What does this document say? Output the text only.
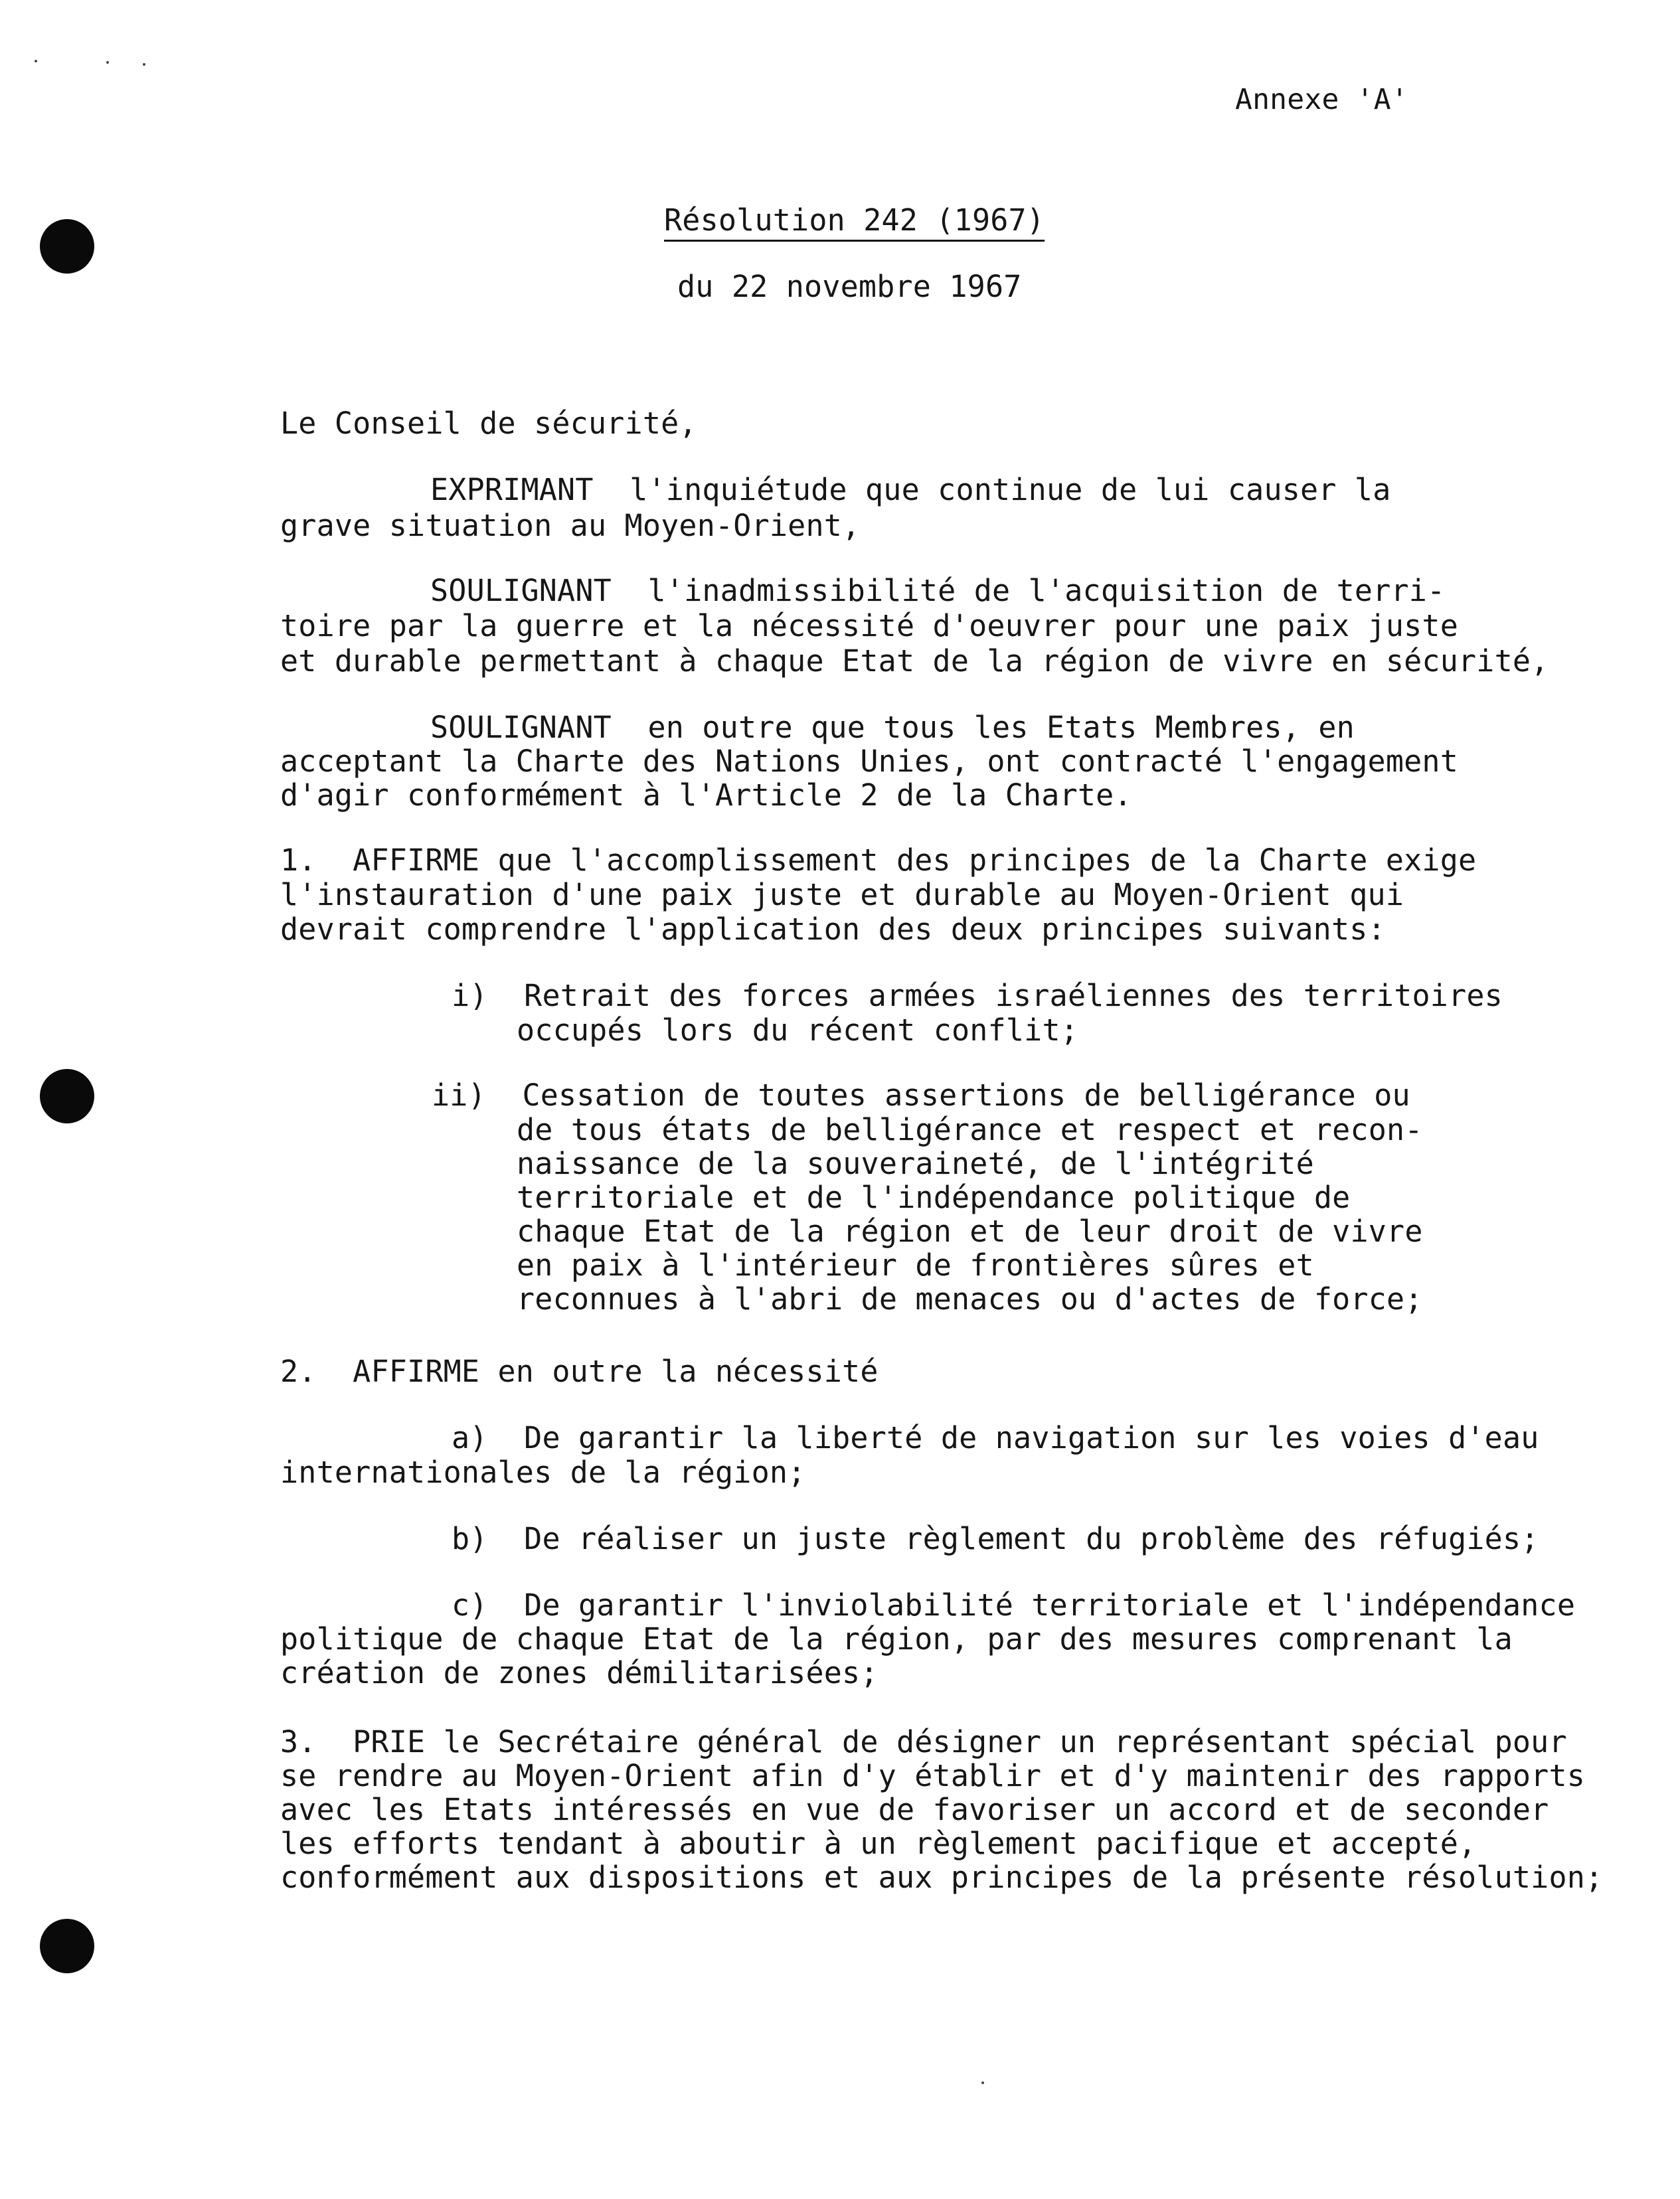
Annexe 'A'
Résolution 242 (1967)
du 22 novembre 1967
Le Conseil de sécurité,
EXPRIMANT  l'inquiétude que continue de lui causer la
grave situation au Moyen-Orient,
SOULIGNANT  l'inadmissibilité de l'acquisition de terri-
toire par la guerre et la nécessité d'oeuvrer pour une paix juste
et durable permettant à chaque Etat de la région de vivre en sécurité,
SOULIGNANT  en outre que tous les Etats Membres, en
acceptant la Charte des Nations Unies, ont contracté l'engagement
d'agir conformément à l'Article 2 de la Charte.
1.  AFFIRME que l'accomplissement des principes de la Charte exige
l'instauration d'une paix juste et durable au Moyen-Orient qui
devrait comprendre l'application des deux principes suivants:
i)  Retrait des forces armées israéliennes des territoires
occupés lors du récent conflit;
ii)  Cessation de toutes assertions de belligérance ou
de tous états de belligérance et respect et recon-
naissance de la souveraineté, de l'intégrité
territoriale et de l'indépendance politique de
chaque Etat de la région et de leur droit de vivre
en paix à l'intérieur de frontières sûres et
reconnues à l'abri de menaces ou d'actes de force;
2.  AFFIRME en outre la nécessité
a)  De garantir la liberté de navigation sur les voies d'eau
internationales de la région;
b)  De réaliser un juste règlement du problème des réfugiés;
c)  De garantir l'inviolabilité territoriale et l'indépendance
politique de chaque Etat de la région, par des mesures comprenant la
création de zones démilitarisées;
3.  PRIE le Secrétaire général de désigner un représentant spécial pour
se rendre au Moyen-Orient afin d'y établir et d'y maintenir des rapports
avec les Etats intéressés en vue de favoriser un accord et de seconder
les efforts tendant à aboutir à un règlement pacifique et accepté,
conformément aux dispositions et aux principes de la présente résolution;
